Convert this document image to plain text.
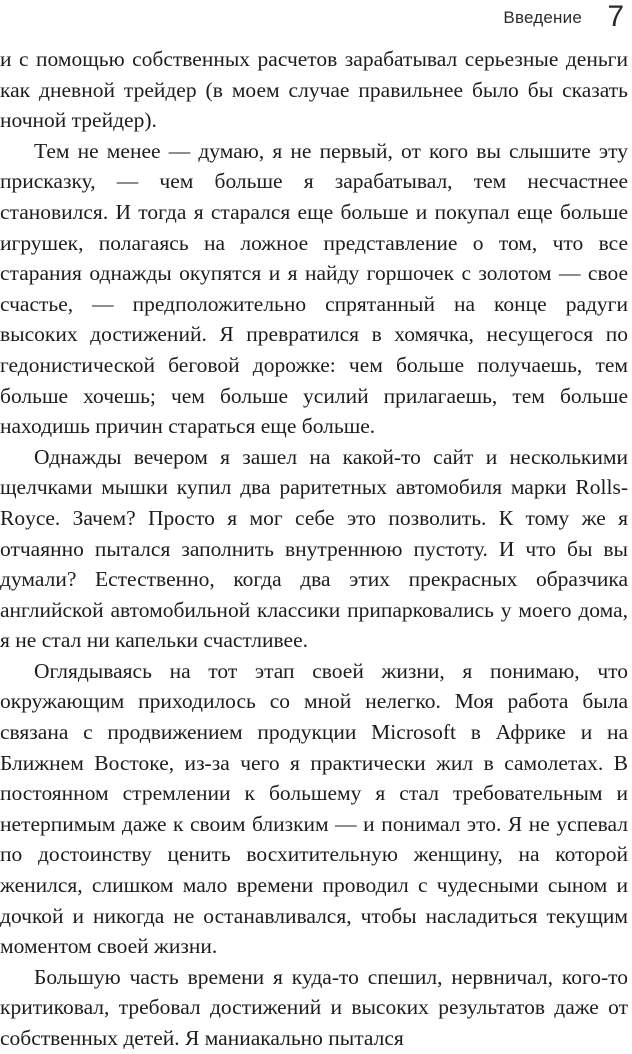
Введение 7

и с помощью собственных расчетов зарабатывал серьезные деньги как дневной трейдер (в моем случае правильнее было бы сказать ночной трейдер).

Тем не менее — думаю, я не первый, от кого вы слышите эту присказку, — чем больше я зарабатывал, тем несчастнее становился. И тогда я старался еще больше и покупал еще больше игрушек, полагаясь на ложное представление о том, что все старания однажды окупятся и я найду горшочек с золотом — свое счастье, — предположительно спрятанный на конце радуги высоких достижений. Я превратился в хомячка, несущегося по гедонистической беговой дорожке: чем больше получаешь, тем больше хочешь; чем больше усилий прилагаешь, тем больше находишь причин стараться еще больше.

Однажды вечером я зашел на какой-то сайт и несколькими щелчками мышки купил два раритетных автомобиля марки Rolls-Royce. Зачем? Просто я мог себе это позволить. К тому же я отчаянно пытался заполнить внутреннюю пустоту. И что бы вы думали? Естественно, когда два этих прекрасных образчика английской автомобильной классики припарковались у моего дома, я не стал ни капельки счастливее.

Оглядываясь на тот этап своей жизни, я понимаю, что окружающим приходилось со мной нелегко. Моя работа была связана с продвижением продукции Microsoft в Африке и на Ближнем Востоке, из-за чего я практически жил в самолетах. В постоянном стремлении к большему я стал требовательным и нетерпимым даже к своим близким — и понимал это. Я не успевал по достоинству ценить восхитительную женщину, на которой женился, слишком мало времени проводил с чудесными сыном и дочкой и никогда не останавливался, чтобы насладиться текущим моментом своей жизни.

Большую часть времени я куда-то спешил, нервничал, кого-то критиковал, требовал достижений и высоких результатов даже от собственных детей. Я маниакально пытался
